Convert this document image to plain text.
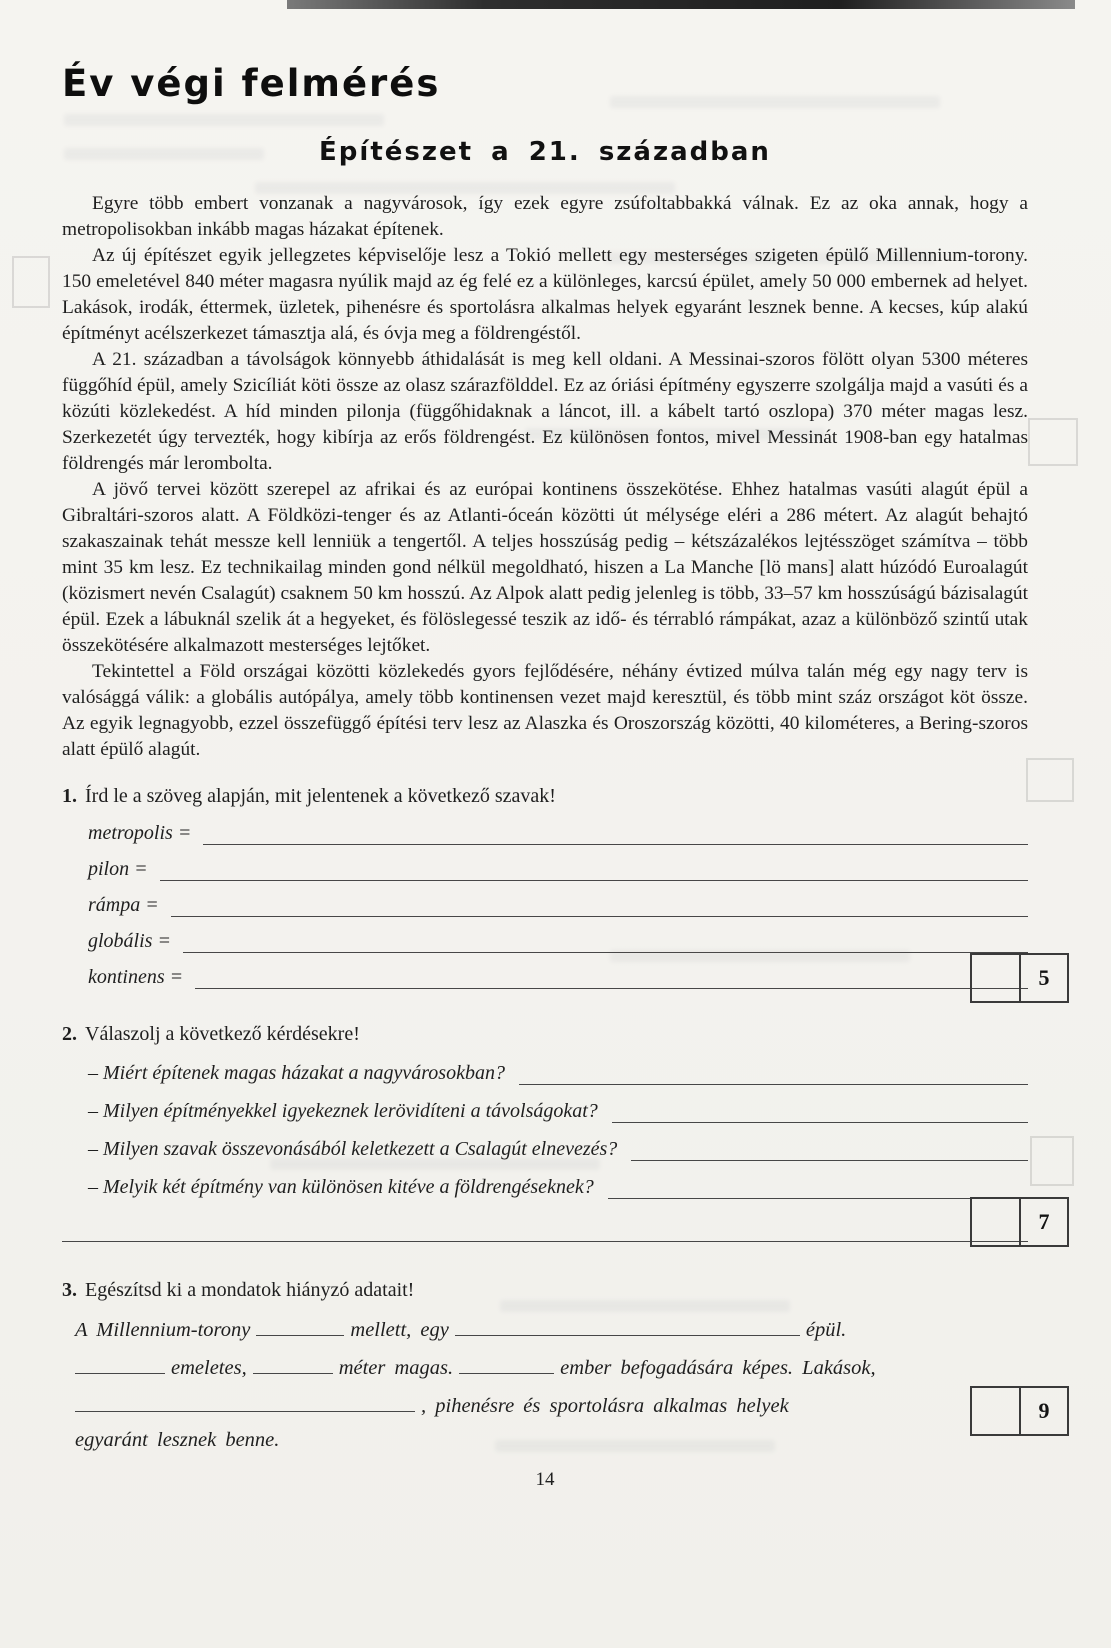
Év végi felmérés
Építészet a 21. században

Egyre több embert vonzanak a nagyvárosok, így ezek egyre zsúfoltabbakká válnak. Ez az oka annak, hogy a metropolisokban inkább magas házakat építenek.

Az új építészet egyik jellegzetes képviselője lesz a Tokió mellett egy mesterséges szigeten épülő Millennium-torony. 150 emeletével 840 méter magasra nyúlik majd az ég felé ez a különleges, karcsú épület, amely 50 000 embernek ad helyet. Lakások, irodák, éttermek, üzletek, pihenésre és sportolásra alkalmas helyek egyaránt lesznek benne. A kecses, kúp alakú építményt acélszerkezet támasztja alá, és óvja meg a földrengéstől.

A 21. században a távolságok könnyebb áthidalását is meg kell oldani. A Messinai-szoros fölött olyan 5300 méteres függőhíd épül, amely Szicíliát köti össze az olasz szárazfölddel. Ez az óriási építmény egyszerre szolgálja majd a vasúti és a közúti közlekedést. A híd minden pilonja (függőhidaknak a láncot, ill. a kábelt tartó oszlopa) 370 méter magas lesz. Szerkezetét úgy tervezték, hogy kibírja az erős földrengést. Ez különösen fontos, mivel Messinát 1908-ban egy hatalmas földrengés már lerombolta.

A jövő tervei között szerepel az afrikai és az európai kontinens összekötése. Ehhez hatalmas vasúti alagút épül a Gibraltári-szoros alatt. A Földközi-tenger és az Atlanti-óceán közötti út mélysége eléri a 286 métert. Az alagút behajtó szakaszainak tehát messze kell lenniük a tengertől. A teljes hosszúság pedig – kétszázalékos lejtésszöget számítva – több mint 35 km lesz. Ez technikailag minden gond nélkül megoldható, hiszen a La Manche [lö mans] alatt húzódó Euroalagút (közismert nevén Csalagút) csaknem 50 km hosszú. Az Alpok alatt pedig jelenleg is több, 33–57 km hosszúságú bázisalagút épül. Ezek a lábuknál szelik át a hegyeket, és fölöslegessé teszik az idő- és térrabló rámpákat, azaz a különböző szintű utak összekötésére alkalmazott mesterséges lejtőket.

Tekintettel a Föld országai közötti közlekedés gyors fejlődésére, néhány évtized múlva talán még egy nagy terv is valósággá válik: a globális autópálya, amely több kontinensen vezet majd keresztül, és több mint száz országot köt össze. Az egyik legnagyobb, ezzel összefüggő építési terv lesz az Alaszka és Oroszország közötti, 40 kilométeres, a Bering-szoros alatt épülő alagút.

1. Írd le a szöveg alapján, mit jelentenek a következő szavak!
metropolis =
pilon =
rámpa =
globális =
kontinens =	5
2. Válaszolj a következő kérdésekre!
– Miért építenek magas házakat a nagyvárosokban?
– Milyen építményekkel igyekeznek lerövidíteni a távolságokat?
– Milyen szavak összevonásából keletkezett a Csalagút elnevezés?
– Melyik két építmény van különösen kitéve a földrengéseknek?
7
3. Egészítsd ki a mondatok hiányzó adatait!
A Millennium-torony	mellett, egy	épül.
emeletes,	méter magas.	ember befogadására képes. Lakások,
, pihenésre és sportolásra alkalmas helyek	9
egyaránt lesznek benne.
14
